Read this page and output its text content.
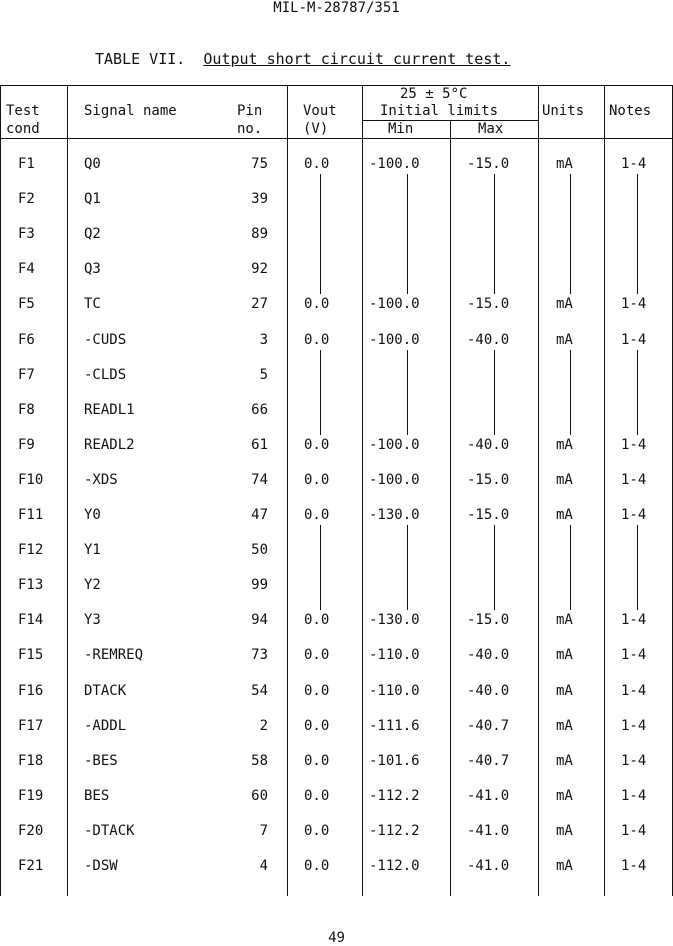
MIL-M-28787/351
TABLE VII. Output short circuit current test.
Test
cond
Signal name	Pin
no.
Vout
(V)
25 ± 5°C
Initial limits
Min	Max
Units Notes
F1	Q0	75	0.0	-100.0	-15.0	mA	1-4
F2	Q1	39
F3	Q2	89
F4	Q3	92
F5	TC	27	0.0	-100.0	-15.0	mA	1-4
F6	-CUDS	3	0.0	-100.0	-40.0	mA	1-4
F7	-CLDS	5
F8	READL1	66
F9	READL2	61	0.0	-100.0	-40.0	mA	1-4
F10	-XDS	74	0.0	-100.0	-15.0	mA	1-4
F11	Y0	47	0.0	-130.0	-15.0	mA	1-4
F12	Y1	50
F13	Y2	99
F14	Y3	94	0.0	-130.0	-15.0	mA	1-4
F15	-REMREQ	73	0.0	-110.0	-40.0	mA	1-4
F16	DTACK	54	0.0	-110.0	-40.0	mA	1-4
F17	-ADDL	2	0.0	-111.6	-40.7	mA	1-4
F18	-BES	58	0.0	-101.6	-40.7	mA	1-4
F19	BES	60	0.0	-112.2	-41.0	mA	1-4
F20	-DTACK	7	0.0	-112.2	-41.0	mA	1-4
F21	-DSW	4	0.0	-112.0	-41.0	mA	1-4
49
